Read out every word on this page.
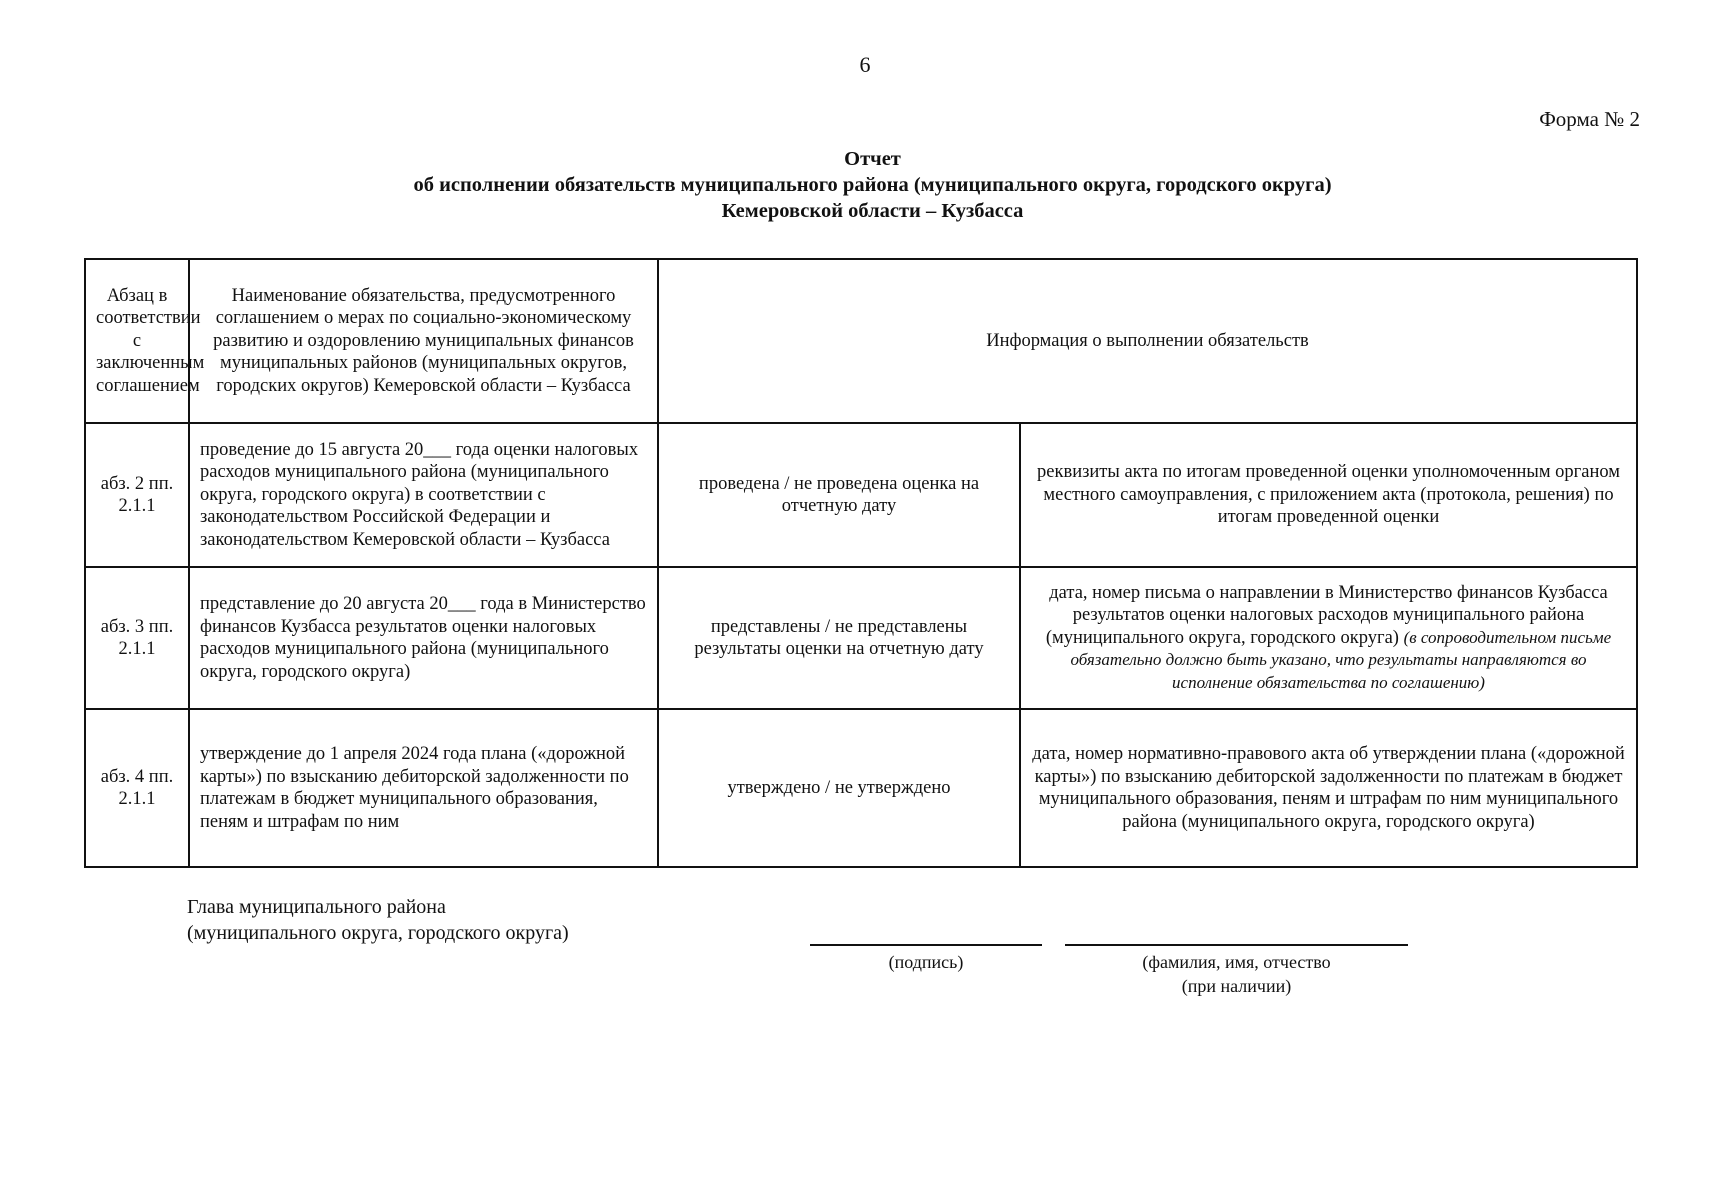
6
Форма № 2
Отчет
об исполнении обязательств муниципального района (муниципального округа, городского округа)
Кемеровской области – Кузбасса
Абзац в соответствии с заключенным соглашением	Наименование обязательства, предусмотренного соглашением о мерах по социально-экономическому развитию и оздоровлению муниципальных финансов муниципальных районов (муниципальных округов, городских округов) Кемеровской области – Кузбасса	Информация о выполнении обязательств	
абз. 2 пп. 2.1.1	проведение до 15 августа 20___ года оценки налоговых расходов муниципального района (муниципального округа, городского округа) в соответствии с законодательством Российской Федерации и законодательством Кемеровской области – Кузбасса	проведена / не проведена оценка на отчетную дату	реквизиты акта по итогам проведенной оценки уполномоченным органом местного самоуправления, с приложением акта (протокола, решения) по итогам проведенной оценки
абз. 3 пп. 2.1.1	представление до 20 августа 20___ года в Министерство финансов Кузбасса результатов оценки налоговых расходов муниципального района (муниципального округа, городского округа)	представлены / не представлены результаты оценки на отчетную дату	дата, номер письма о направлении в Министерство финансов Кузбасса результатов оценки налоговых расходов муниципального района (муниципального округа, городского округа) (в сопроводительном письме обязательно должно быть указано, что результаты направляются во исполнение обязательства по соглашению)
абз. 4 пп. 2.1.1	утверждение до 1 апреля 2024 года плана («дорожной карты») по взысканию дебиторской задолженности по платежам в бюджет муниципального образования, пеням и штрафам по ним	утверждено / не утверждено	дата, номер нормативно-правового акта об утверждении плана («дорожной карты») по взысканию дебиторской задолженности по платежам в бюджет муниципального образования, пеням и штрафам по ним муниципального района (муниципального округа, городского округа)
Глава муниципального района
(муниципального округа, городского округа)
(подпись)	(фамилия, имя, отчество
(при наличии)
